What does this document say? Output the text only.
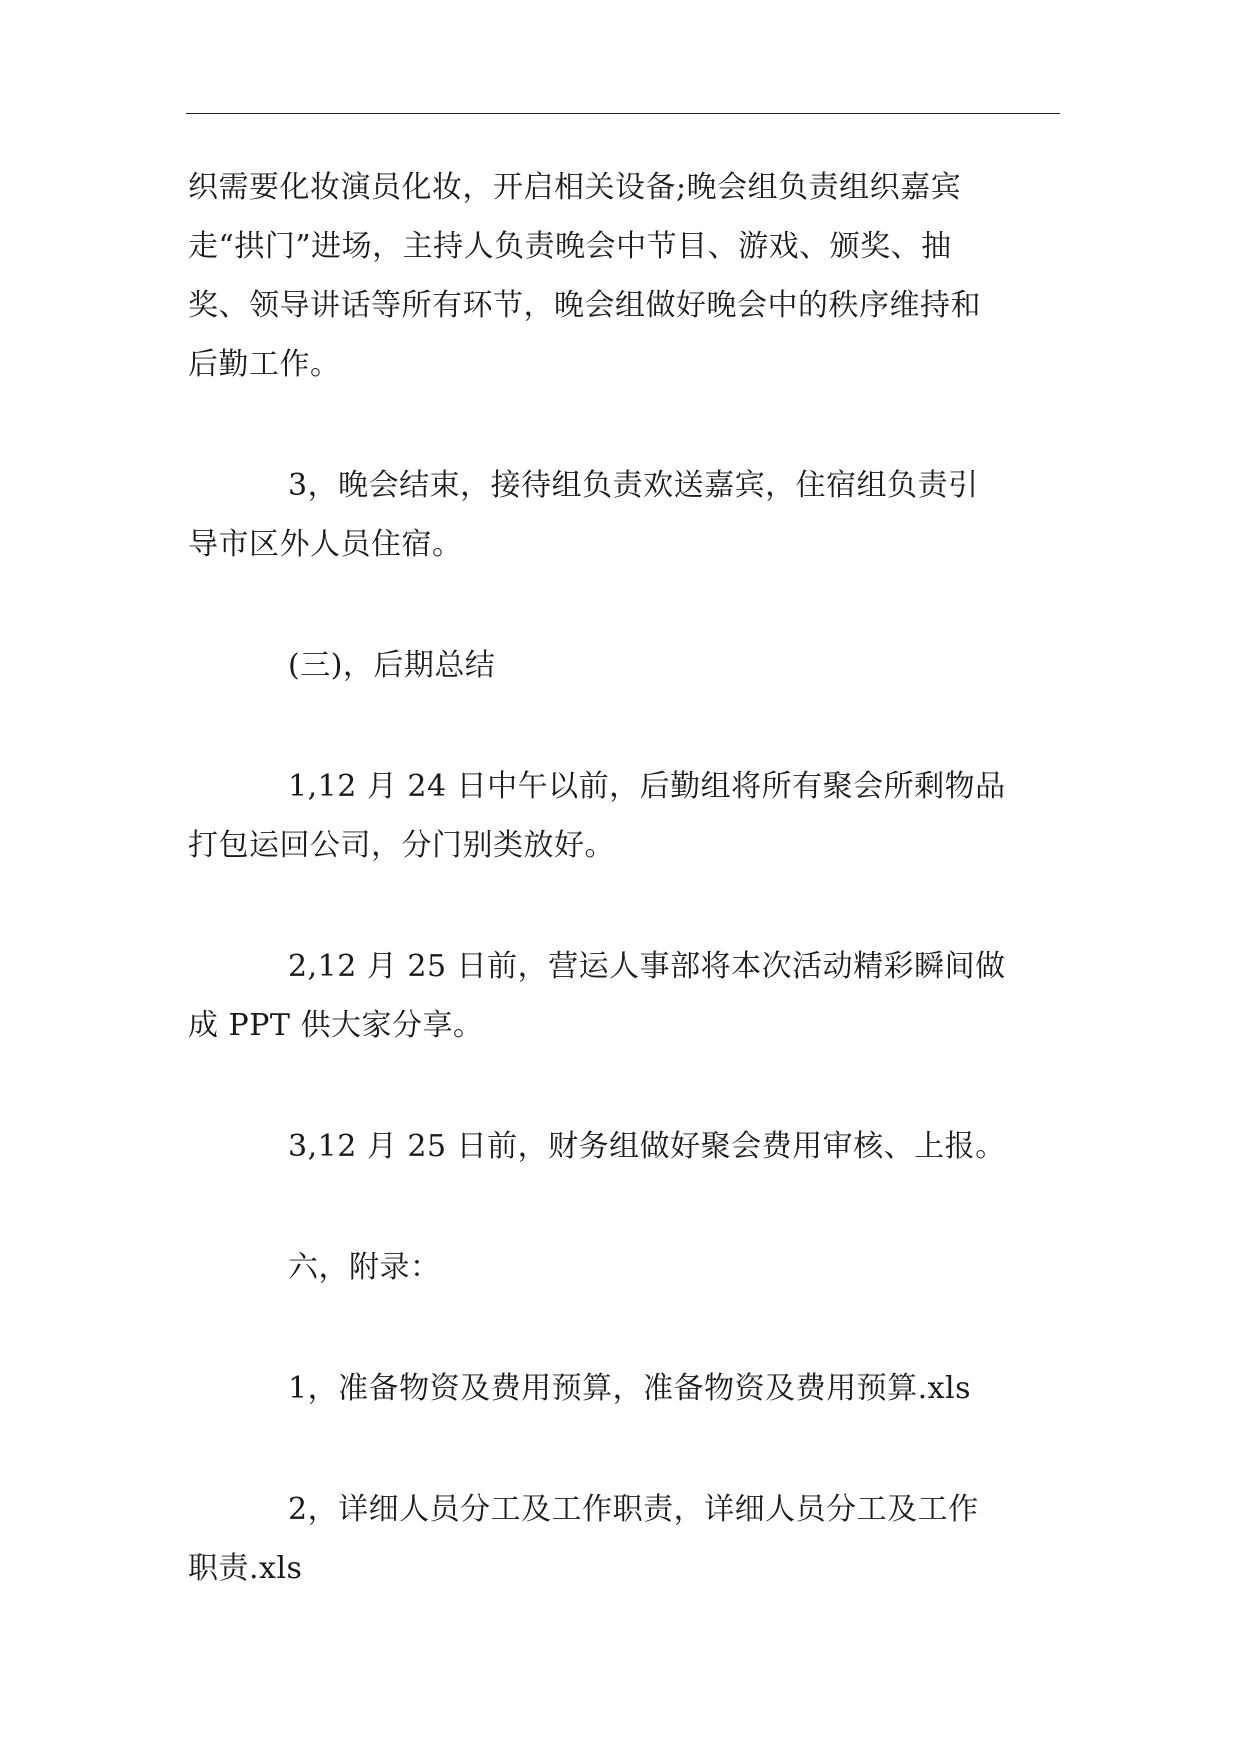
织需要化妆演员化妆，开启相关设备;晚会组负责组织嘉宾
走“拱门”进场，主持人负责晚会中节目、游戏、颁奖、抽
奖、领导讲话等所有环节，晚会组做好晚会中的秩序维持和
后勤工作。

3，晚会结束，接待组负责欢送嘉宾，住宿组负责引
导市区外人员住宿。

(三)，后期总结

1,12 月 24 日中午以前，后勤组将所有聚会所剩物品
打包运回公司，分门别类放好。

2,12 月 25 日前，营运人事部将本次活动精彩瞬间做
成 PPT 供大家分享。

3,12 月 25 日前，财务组做好聚会费用审核、上报。

六，附录：

1，准备物资及费用预算，准备物资及费用预算.xls

2，详细人员分工及工作职责，详细人员分工及工作
职责.xls
